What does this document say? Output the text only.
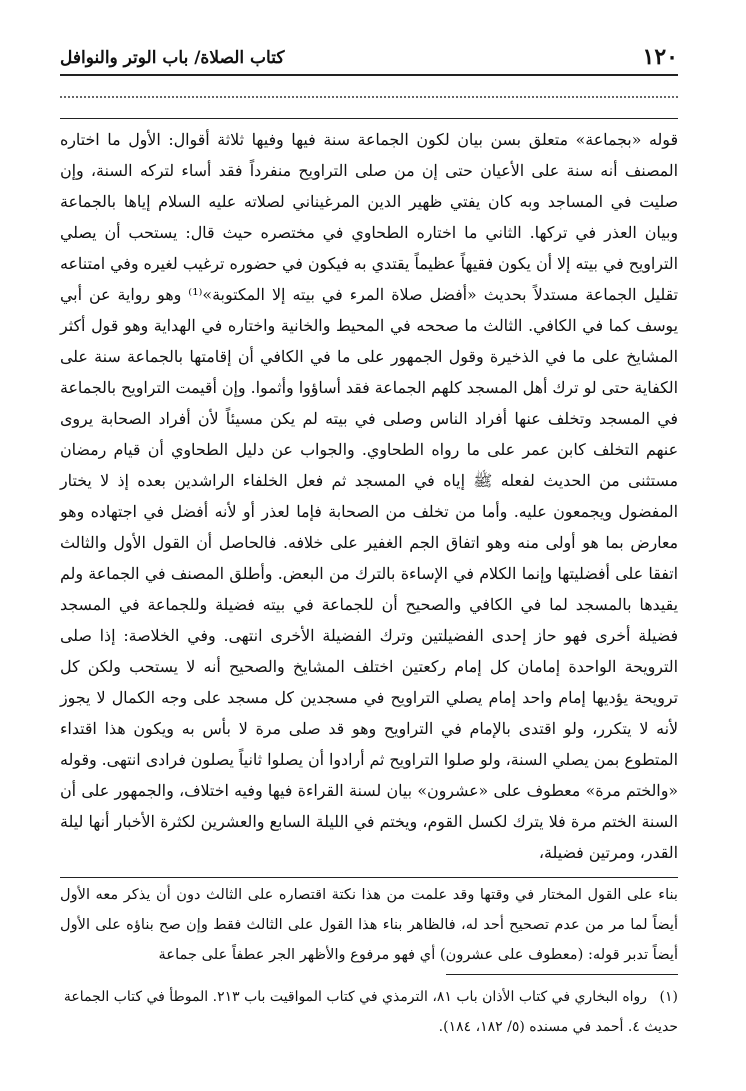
١٢٠
كتاب الصلاة/ باب الوتر والنوافل

قوله «بجماعة» متعلق بسن بيان لكون الجماعة سنة فيها وفيها ثلاثة أقوال: الأول ما اختاره المصنف أنه سنة على الأعيان حتى إن من صلى التراويح منفرداً فقد أساء لتركه السنة، وإن صليت في المساجد وبه كان يفتي ظهير الدين المرغيناني لصلاته عليه السلام إياها بالجماعة وبيان العذر في تركها. الثاني ما اختاره الطحاوي في مختصره حيث قال: يستحب أن يصلي التراويح في بيته إلا أن يكون فقيهاً عظيماً يقتدي به فيكون في حضوره ترغيب لغيره وفي امتناعه تقليل الجماعة مستدلاً بحديث «أفضل صلاة المرء في بيته إلا المكتوبة»⁽¹⁾ وهو رواية عن أبي يوسف كما في الكافي. الثالث ما صححه في المحيط والخانية واختاره في الهداية وهو قول أكثر المشايخ على ما في الذخيرة وقول الجمهور على ما في الكافي أن إقامتها بالجماعة سنة على الكفاية حتى لو ترك أهل المسجد كلهم الجماعة فقد أساؤوا وأثموا. وإن أقيمت التراويح بالجماعة في المسجد وتخلف عنها أفراد الناس وصلى في بيته لم يكن مسيئاً لأن أفراد الصحابة يروى عنهم التخلف كابن عمر على ما رواه الطحاوي. والجواب عن دليل الطحاوي أن قيام رمضان مستثنى من الحديث لفعله ﷺ إياه في المسجد ثم فعل الخلفاء الراشدين بعده إذ لا يختار المفضول ويجمعون عليه. وأما من تخلف من الصحابة فإما لعذر أو لأنه أفضل في اجتهاده وهو معارض بما هو أولى منه وهو اتفاق الجم الغفير على خلافه. فالحاصل أن القول الأول والثالث اتفقا على أفضليتها وإنما الكلام في الإساءة بالترك من البعض. وأطلق المصنف في الجماعة ولم يقيدها بالمسجد لما في الكافي والصحيح أن للجماعة في بيته فضيلة وللجماعة في المسجد فضيلة أخرى فهو حاز إحدى الفضيلتين وترك الفضيلة الأخرى انتهى. وفي الخلاصة: إذا صلى الترويحة الواحدة إمامان كل إمام ركعتين اختلف المشايخ والصحيح أنه لا يستحب ولكن كل ترويحة يؤديها إمام واحد إمام يصلي التراويح في مسجدين كل مسجد على وجه الكمال لا يجوز لأنه لا يتكرر، ولو اقتدى بالإمام في التراويح وهو قد صلى مرة لا بأس به ويكون هذا اقتداء المتطوع بمن يصلي السنة، ولو صلوا التراويح ثم أرادوا أن يصلوا ثانياً يصلون فرادى انتهى. وقوله «والختم مرة» معطوف على «عشرون» بيان لسنة القراءة فيها وفيه اختلاف، والجمهور على أن السنة الختم مرة فلا يترك لكسل القوم، ويختم في الليلة السابع والعشرين لكثرة الأخبار أنها ليلة القدر، ومرتين فضيلة،

بناء على القول المختار في وقتها وقد علمت من هذا نكتة اقتصاره على الثالث دون أن يذكر معه الأول أيضاً لما مر من عدم تصحيح أحد له، فالظاهر بناء هذا القول على الثالث فقط وإن صح بناؤه على الأول أيضاً تدبر قوله: (معطوف على عشرون) أي فهو مرفوع والأظهر الجر عطفاً على جماعة

(١) رواه البخاري في كتاب الأذان باب ٨١، الترمذي في كتاب المواقيت باب ٢١٣. الموطأ في كتاب الجماعة حديث ٤. أحمد في مسنده (٥/ ١٨٢، ١٨٤).
